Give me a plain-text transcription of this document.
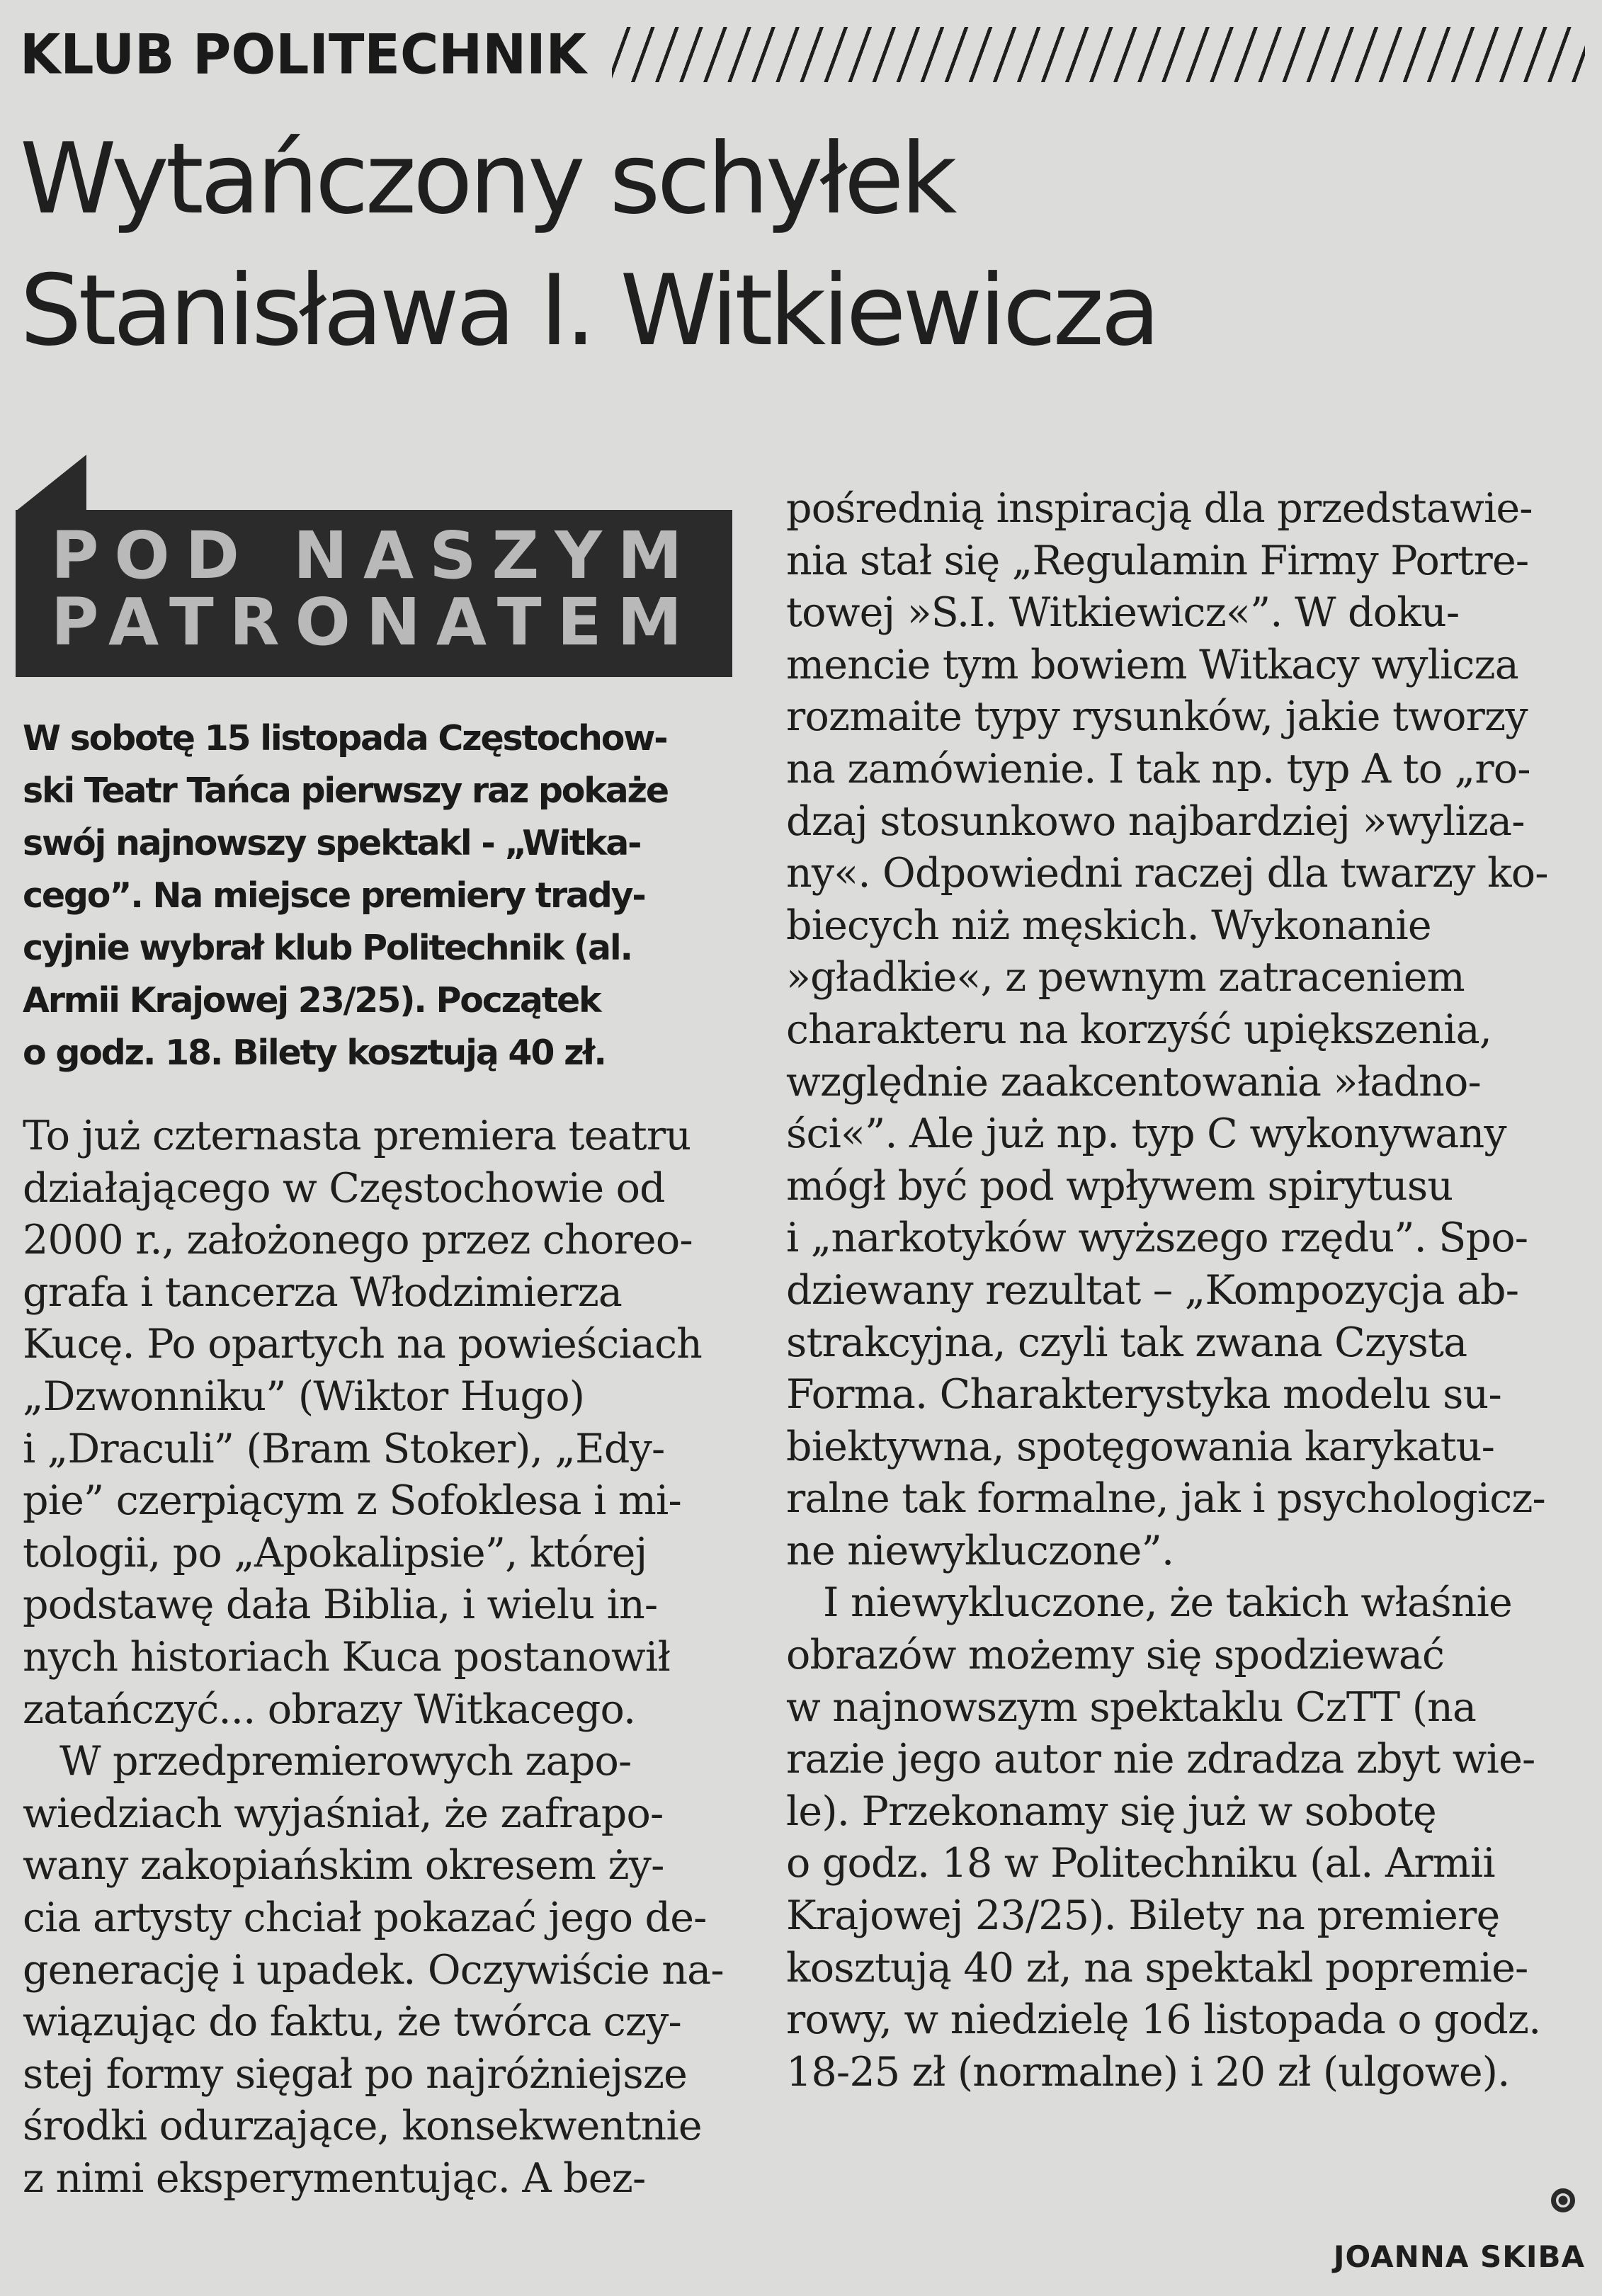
KLUB POLITECHNIK
Wytańczony schyłek
Stanisława I. Witkiewicza
POD NASZYM
PATRONATEM
W sobotę 15 listopada Częstochow-
ski Teatr Tańca pierwszy raz pokaże
swój najnowszy spektakl - „Witka-
cego”. Na miejsce premiery trady-
cyjnie wybrał klub Politechnik (al.
Armii Krajowej 23/25). Początek
o godz. 18. Bilety kosztują 40 zł.
To już czternasta premiera teatru
działającego w Częstochowie od
2000 r., założonego przez choreo-
grafa i tancerza Włodzimierza
Kucę. Po opartych na powieściach
„Dzwonniku” (Wiktor Hugo)
i „Draculi” (Bram Stoker), „Edy-
pie” czerpiącym z Sofoklesa i mi-
tologii, po „Apokalipsie”, której
podstawę dała Biblia, i wielu in-
nych historiach Kuca postanowił
zatańczyć... obrazy Witkacego.
W przedpremierowych zapo-
wiedziach wyjaśniał, że zafrapo-
wany zakopiańskim okresem ży-
cia artysty chciał pokazać jego de-
generację i upadek. Oczywiście na-
wiązując do faktu, że twórca czy-
stej formy sięgał po najróżniejsze
środki odurzające, konsekwentnie
z nimi eksperymentując. A bez-
pośrednią inspiracją dla przedstawie-
nia stał się „Regulamin Firmy Portre-
towej »S.I. Witkiewicz«”. W doku-
mencie tym bowiem Witkacy wylicza
rozmaite typy rysunków, jakie tworzy
na zamówienie. I tak np. typ A to „ro-
dzaj stosunkowo najbardziej »wyliza-
ny«. Odpowiedni raczej dla twarzy ko-
biecych niż męskich. Wykonanie
»gładkie«, z pewnym zatraceniem
charakteru na korzyść upiększenia,
względnie zaakcentowania »ładno-
ści«”. Ale już np. typ C wykonywany
mógł być pod wpływem spirytusu
i „narkotyków wyższego rzędu”. Spo-
dziewany rezultat – „Kompozycja ab-
strakcyjna, czyli tak zwana Czysta
Forma. Charakterystyka modelu su-
biektywna, spotęgowania karykatu-
ralne tak formalne, jak i psychologicz-
ne niewykluczone”.
I niewykluczone, że takich właśnie
obrazów możemy się spodziewać
w najnowszym spektaklu CzTT (na
razie jego autor nie zdradza zbyt wie-
le). Przekonamy się już w sobotę
o godz. 18 w Politechniku (al. Armii
Krajowej 23/25). Bilety na premierę
kosztują 40 zł, na spektakl popremie-
rowy, w niedzielę 16 listopada o godz.
18-25 zł (normalne) i 20 zł (ulgowe).
JOANNA SKIBA
